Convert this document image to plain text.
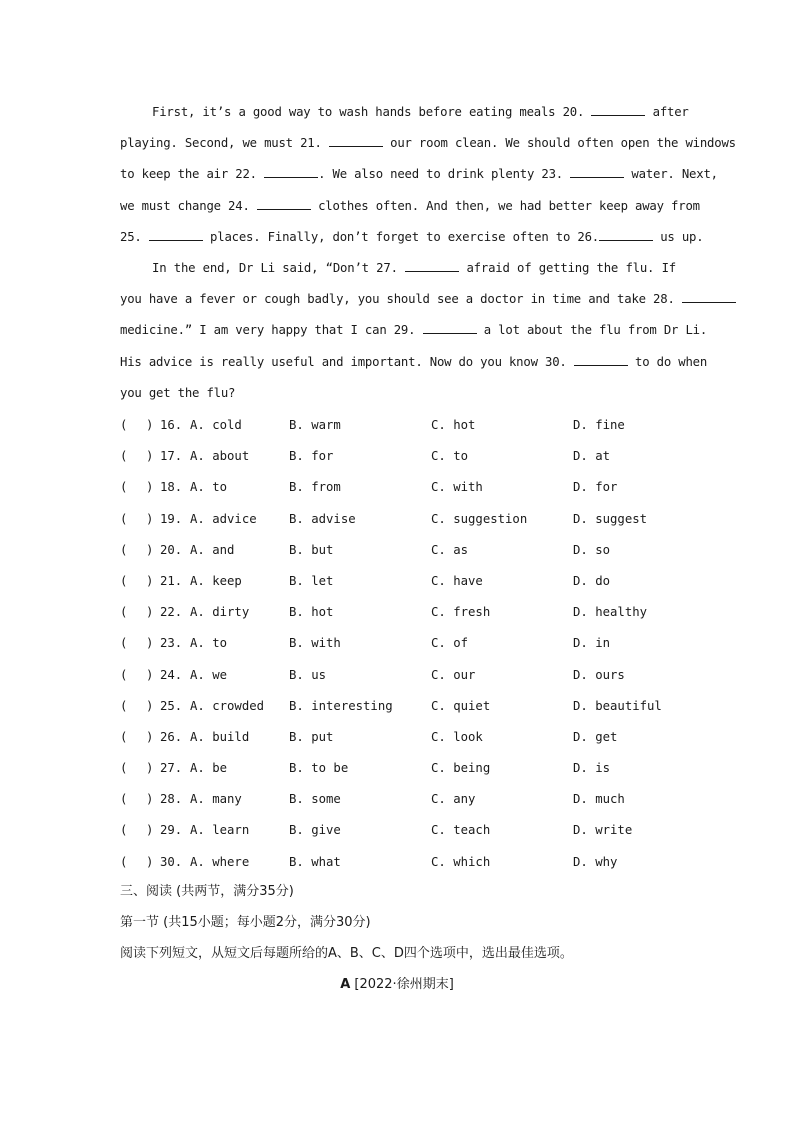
First, it’s a good way to wash hands before eating meals 20.	after
playing. Second, we must 21.	our room clean. We should often open the windows
to keep the air 22.	. We also need to drink plenty 23.	water. Next,
we must change 24.	clothes often. And then, we had better keep away from
25.	places. Finally, don’t forget to exercise often to 26.	us up.
In the end, Dr Li said, “Don’t 27.	afraid of getting the flu. If
you have a fever or cough badly, you should see a doctor in time and take 28.
medicine.” I am very happy that I can 29.	a lot about the flu from Dr Li.
His advice is really useful and important. Now do you know 30.	to do when
you get the flu?
( ) 16. A. cold	B. warm	C. hot	D. fine
( ) 17. A. about	B. for	C. to	D. at
( ) 18. A. to	B. from	C. with	D. for
( ) 19. A. advice	B. advise	C. suggestion	D. suggest
( ) 20. A. and	B. but	C. as	D. so
( ) 21. A. keep	B. let	C. have	D. do
( ) 22. A. dirty	B. hot	C. fresh	D. healthy
( ) 23. A. to	B. with	C. of	D. in
( ) 24. A. we	B. us	C. our	D. ours
( ) 25. A. crowded B. interesting	C. quiet	D. beautiful
( ) 26. A. build	B. put	C. look	D. get
( ) 27. A. be	B. to be	C. being	D. is
( ) 28. A. many	B. some	C. any	D. much
( ) 29. A. learn	B. give	C. teach	D. write
( ) 30. A. where	B. what	C. which	D. why
三、阅读 (共两节，满分35分)
第一节 (共15小题；每小题2分，满分30分)
阅读下列短文，从短文后每题所给的A、B、C、D四个选项中，选出最佳选项。
A [2022·徐州期末]
